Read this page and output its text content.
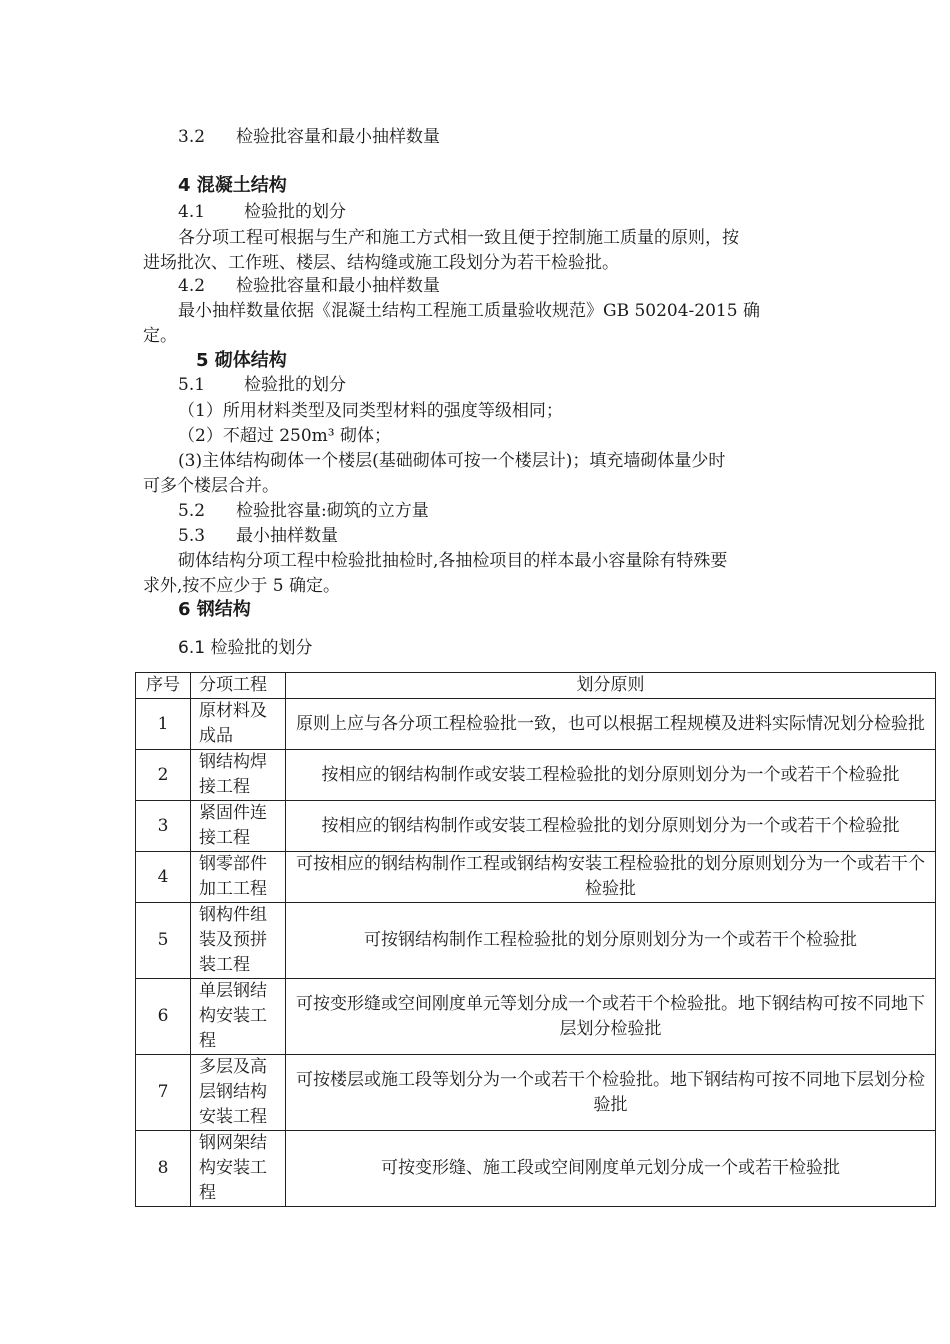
3.2 检验批容量和最小抽样数量
4 混凝土结构
4.1 检验批的划分
各分项工程可根据与生产和施工方式相一致且便于控制施工质量的原则，按
进场批次、工作班、楼层、结构缝或施工段划分为若干检验批。
4.2 检验批容量和最小抽样数量
最小抽样数量依据《混凝土结构工程施工质量验收规范》GB 50204-2015 确
定。
5 砌体结构
5.1 检验批的划分
（1）所用材料类型及同类型材料的强度等级相同；
（2）不超过 250m³ 砌体；
(3)主体结构砌体一个楼层(基础砌体可按一个楼层计)；填充墙砌体量少时
可多个楼层合并。
5.2 检验批容量:砌筑的立方量
5.3 最小抽样数量
砌体结构分项工程中检验批抽检时,各抽检项目的样本最小容量除有特殊要
求外,按不应少于 5 确定。
6 钢结构
6.1 检验批的划分
序号	分项工程	划分原则
1	原材料及成品	原则上应与各分项工程检验批一致，也可以根据工程规模及进料实际情况划分检验批
2	钢结构焊接工程	按相应的钢结构制作或安装工程检验批的划分原则划分为一个或若干个检验批
3	紧固件连接工程	按相应的钢结构制作或安装工程检验批的划分原则划分为一个或若干个检验批
4	钢零部件加工工程	可按相应的钢结构制作工程或钢结构安装工程检验批的划分原则划分为一个或若干个检验批
5	钢构件组装及预拼装工程	可按钢结构制作工程检验批的划分原则划分为一个或若干个检验批
6	单层钢结构安装工程	可按变形缝或空间刚度单元等划分成一个或若干个检验批。地下钢结构可按不同地下层划分检验批
7	多层及高层钢结构安装工程	可按楼层或施工段等划分为一个或若干个检验批。地下钢结构可按不同地下层划分检验批
8	钢网架结构安装工程	可按变形缝、施工段或空间刚度单元划分成一个或若干检验批
